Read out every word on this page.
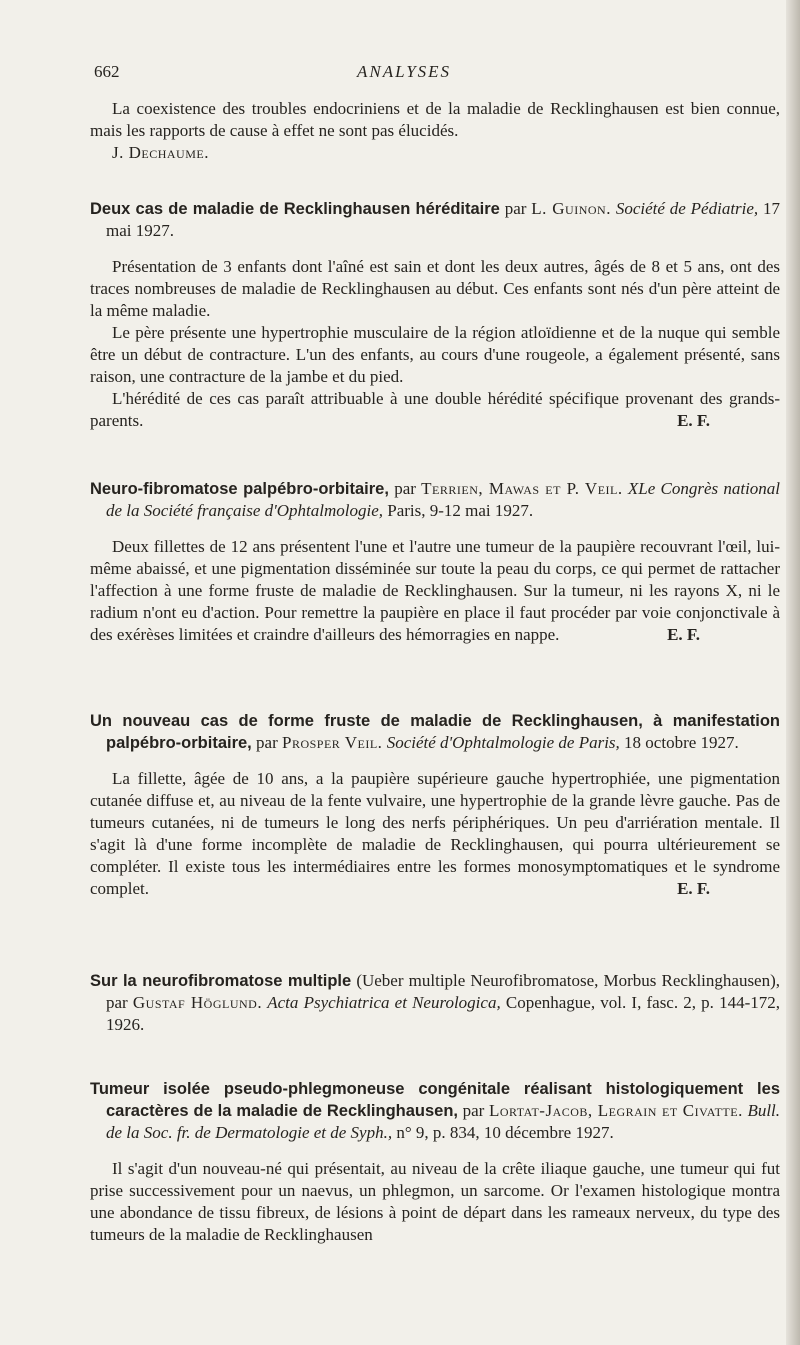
662	ANALYSES

La coexistence des troubles endocriniens et de la maladie de Recklinghausen est bien connue, mais les rapports de cause à effet ne sont pas élucidés.

J. Dechaume.

Deux cas de maladie de Recklinghausen héréditaire par L. Guinon. Société de Pédiatrie, 17 mai 1927.

Présentation de 3 enfants dont l'aîné est sain et dont les deux autres, âgés de 8 et 5 ans, ont des traces nombreuses de maladie de Recklinghausen au début. Ces enfants sont nés d'un père atteint de la même maladie.

Le père présente une hypertrophie musculaire de la région atloïdienne et de la nuque qui semble être un début de contracture. L'un des enfants, au cours d'une rougeole, a également présenté, sans raison, une contracture de la jambe et du pied.

L'hérédité de ces cas paraît attribuable à une double hérédité spécifique provenant des grands-parents.	E. F.

Neuro-fibromatose palpébro-orbitaire, par Terrien, Mawas et P. Veil. XLe Congrès national de la Société française d'Ophtalmologie, Paris, 9-12 mai 1927.

Deux fillettes de 12 ans présentent l'une et l'autre une tumeur de la paupière recouvrant l'œil, lui-même abaissé, et une pigmentation disséminée sur toute la peau du corps, ce qui permet de rattacher l'affection à une forme fruste de maladie de Recklinghausen. Sur la tumeur, ni les rayons X, ni le radium n'ont eu d'action. Pour remettre la paupière en place il faut procéder par voie conjonctivale à des exérèses limitées et craindre d'ailleurs des hémorragies en nappe.	E. F.

Un nouveau cas de forme fruste de maladie de Recklinghausen, à manifestation palpébro-orbitaire, par Prosper Veil. Société d'Ophtalmologie de Paris, 18 octobre 1927.

La fillette, âgée de 10 ans, a la paupière supérieure gauche hypertrophiée, une pigmentation cutanée diffuse et, au niveau de la fente vulvaire, une hypertrophie de la grande lèvre gauche. Pas de tumeurs cutanées, ni de tumeurs le long des nerfs périphériques. Un peu d'arriération mentale. Il s'agit là d'une forme incomplète de maladie de Recklinghausen, qui pourra ultérieurement se compléter. Il existe tous les intermédiaires entre les formes monosymptomatiques et le syndrome complet.	E. F.

Sur la neurofibromatose multiple (Ueber multiple Neurofibromatose, Morbus Recklinghausen), par Gustaf Höglund. Acta Psychiatrica et Neurologica, Copenhague, vol. I, fasc. 2, p. 144-172, 1926.
Tumeur isolée pseudo-phlegmoneuse congénitale réalisant histologiquement les caractères de la maladie de Recklinghausen, par Lortat-Jacob, Legrain et Civatte. Bull. de la Soc. fr. de Dermatologie et de Syph., n° 9, p. 834, 10 décembre 1927.

Il s'agit d'un nouveau-né qui présentait, au niveau de la crête iliaque gauche, une tumeur qui fut prise successivement pour un naevus, un phlegmon, un sarcome. Or l'examen histologique montra une abondance de tissu fibreux, de lésions à point de départ dans les rameaux nerveux, du type des tumeurs de la maladie de Recklinghausen
